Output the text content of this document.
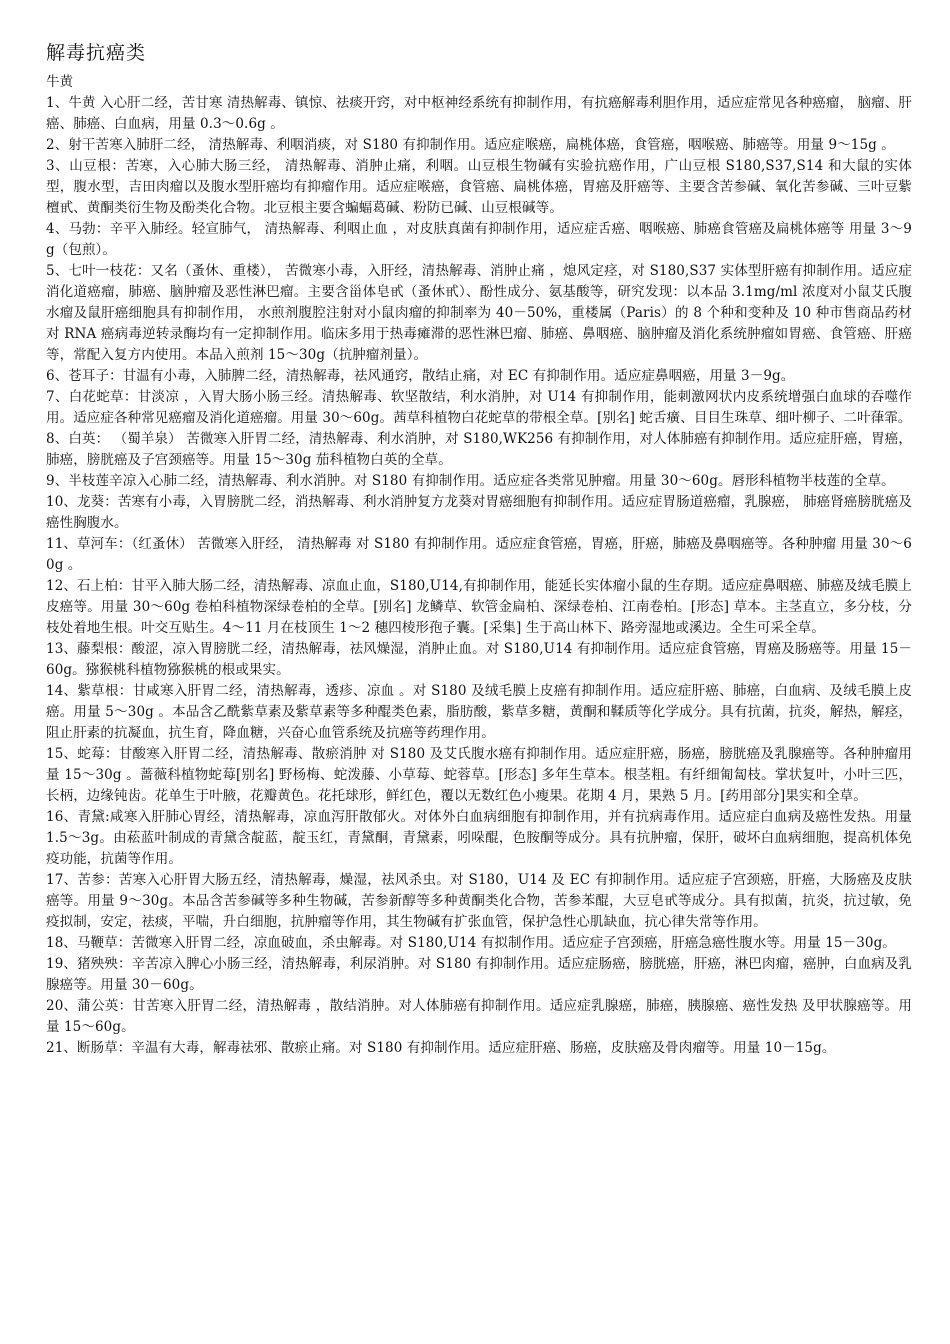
解毒抗癌类

牛黄

1、牛黄 入心肝二经，苦甘寒 清热解毒、镇惊、祛痰开窍，对中枢神经系统有抑制作用，有抗癌解毒利胆作用，适应症常见各种癌瘤， 脑瘤、肝癌、肺癌、白血病，用量 0.3～0.6g 。

2、射干苦寒入肺肝二经， 清热解毒、利咽消痰，对 S180 有抑制作用。适应症喉癌，扁桃体癌，食管癌，咽喉癌、肺癌等。用量 9～15g 。

3、山豆根：苦寒，入心肺大肠三经， 清热解毒、消肿止痛，利咽。山豆根生物碱有实验抗癌作用，广山豆根 S180,S37,S14 和大鼠的实体型，腹水型，吉田肉瘤以及腹水型肝癌均有抑瘤作用。适应症喉癌，食管癌、扁桃体癌，胃癌及肝癌等、主要含苦参碱、氧化苦参碱、三叶豆紫檀甙、黄酮类衍生物及酚类化合物。北豆根主要含蝙蝠葛碱、粉防已碱、山豆根碱等。

4、马勃：辛平入肺经。轻宣肺气， 清热解毒、利咽止血 ，对皮肤真菌有抑制作用，适应症舌癌、咽喉癌、肺癌食管癌及扁桃体癌等 用量 3～9g（包煎）。

5、七叶一枝花：又名（蚤休、重楼）， 苦微寒小毒，入肝经，清热解毒、消肿止痛 ，熄风定痉，对 S180,S37 实体型肝癌有抑制作用。适应症消化道癌瘤，肺癌、脑肿瘤及恶性淋巴瘤。主要含甾体皂甙（蚤休甙）、酚性成分、氨基酸等，研究发现：以本品 3.1mg/ml 浓度对小鼠艾氏腹水瘤及鼠肝癌细胞具有抑制作用， 水煎剂腹腔注射对小鼠肉瘤的抑制率为 40－50%，重楼属（Paris）的 8 个种和变种及 10 种市售商品药材对 RNA 癌病毒逆转录酶均有一定抑制作用。临床多用于热毒瘫滞的恶性淋巴瘤、肺癌、鼻咽癌、脑肿瘤及消化系统肿瘤如胃癌、食管癌、肝癌等，常配入复方内使用。本品入煎剂 15～30g（抗肿瘤剂量）。

6、苍耳子：甘温有小毒，入肺脾二经，清热解毒，祛风通窍，散结止痛，对 EC 有抑制作用。适应症鼻咽癌，用量 3－9g。

7、白花蛇草：甘淡凉 ，入胃大肠小肠三经。清热解毒、软坚散结，利水消肿，对 U14 有抑制作用，能刺激网状内皮系统增强白血球的吞噬作用。适应症各种常见癌瘤及消化道癌瘤。用量 30～60g。茜草科植物白花蛇草的带根全草。[别名] 蛇舌癀、目目生珠草、细叶柳子、二叶葎霏。

8、白英： （蜀羊泉） 苦微寒入肝胃二经，清热解毒、利水消肿，对 S180,WK256 有抑制作用，对人体肺癌有抑制作用。适应症肝癌，胃癌，肺癌，膀胱癌及子宫颈癌等。用量 15～30g 茄科植物白英的全草。

9、半枝莲辛凉入心肺二经，清热解毒、利水消肿。对 S180 有抑制作用。适应症各类常见肿瘤。用量 30～60g。唇形科植物半枝莲的全草。

10、龙葵：苦寒有小毒，入胃膀胱二经，消热解毒、利水消肿复方龙葵对胃癌细胞有抑制作用。适应症胃肠道癌瘤，乳腺癌， 肺癌肾癌膀胱癌及癌性胸腹水。

11、草河车：（红蚤休） 苦微寒入肝经， 清热解毒 对 S180 有抑制作用。适应症食管癌，胃癌，肝癌，肺癌及鼻咽癌等。各种肿瘤 用量 30～60g 。

12、石上柏：甘平入肺大肠二经，清热解毒、凉血止血，S180,U14,有抑制作用，能延长实体瘤小鼠的生存期。适应症鼻咽癌、肺癌及绒毛膜上皮癌等。用量 30～60g 卷柏科植物深绿卷柏的全草。[别名] 龙鳞草、软管金扁柏、深绿卷柏、江南卷柏。[形态] 草本。主茎直立，多分枝，分枝处着地生根。叶交互贴生。4～11 月在枝顶生 1～2 穗四棱形孢子囊。[采集] 生于高山林下、路旁湿地或溪边。全生可采全草。

13、藤梨根：酸涩，凉入胃膀胱二经，清热解毒，祛风燥湿，消肿止血。对 S180,U14 有抑制作用。适应症食管癌，胃癌及肠癌等。用量 15－60g。猕猴桃科植物猕猴桃的根或果实。

14、紫草根：甘咸寒入肝胃二经，清热解毒，透疹、凉血 。对 S180 及绒毛膜上皮癌有抑制作用。适应症肝癌、肺癌，白血病、及绒毛膜上皮癌。用量 5～30g 。本品含乙酰紫草素及紫草素等多种醌类色素，脂肪酸，紫草多糖，黄酮和鞣质等化学成分。具有抗菌，抗炎，解热，解痉，阻止肝素的抗凝血，抗生育，降血糖，兴奋心血管系统及抗癌等药理作用。

15、蛇莓：甘酸寒入肝胃二经，清热解毒、散瘀消肿 对 S180 及艾氏腹水癌有抑制作用。适应症肝癌，肠癌，膀胱癌及乳腺癌等。各种肿瘤用量 15～30g 。蔷薇科植物蛇莓[别名] 野杨梅、蛇泼藤、小草莓、蛇蓉草。[形态] 多年生草本。根茎粗。有纤细匍匐枝。掌状复叶，小叶三匹，长柄，边缘钝齿。花单生于叶腋，花瓣黄色。花托球形，鲜红色，覆以无数红色小瘦果。花期 4 月，果熟 5 月。[药用部分]果实和全草。

16、青黛:咸寒入肝肺心胃经，清热解毒，凉血泻肝散郁火。对体外白血病细胞有抑制作用，并有抗病毒作用。适应症白血病及癌性发热。用量 1.5～3g。由菘蓝叶制成的青黛含靛蓝，靛玉红，青黛酮，青黛素，吲哚醌，色胺酮等成分。具有抗肿瘤，保肝，破坏白血病细胞，提高机体免疫功能，抗菌等作用。

17、苦参：苦寒入心肝胃大肠五经，清热解毒，燥湿，祛风杀虫。对 S180，U14 及 EC 有抑制作用。适应症子宫颈癌，肝癌，大肠癌及皮肤癌等。用量 9～30g。本品含苦参碱等多种生物碱，苦参新醇等多种黄酮类化合物，苦参苯醌，大豆皂甙等成分。具有拟菌，抗炎，抗过敏，免疫拟制，安定，祛痰，平喘，升白细胞，抗肿瘤等作用，其生物碱有扩张血管，保护急性心肌缺血，抗心律失常等作用。

18、马鞭草：苦微寒入肝胃二经，凉血破血，杀虫解毒。对 S180,U14 有拟制作用。适应症子宫颈癌，肝癌急癌性腹水等。用量 15－30g。

19、猪殃殃：辛苦凉入脾心小肠三经，清热解毒，利尿消肿。对 S180 有抑制作用。适应症肠癌，膀胱癌，肝癌，淋巴肉瘤，癌肿，白血病及乳腺癌等。用量 30－60g。

20、蒲公英：甘苦寒入肝胃二经，清热解毒 ，散结消肿。对人体肺癌有抑制作用。适应症乳腺癌，肺癌，胰腺癌、癌性发热 及甲状腺癌等。用量 15～60g。

21、断肠草：辛温有大毒，解毒祛邪、散瘀止痛。对 S180 有抑制作用。适应症肝癌、肠癌，皮肤癌及骨肉瘤等。用量 10－15g。
